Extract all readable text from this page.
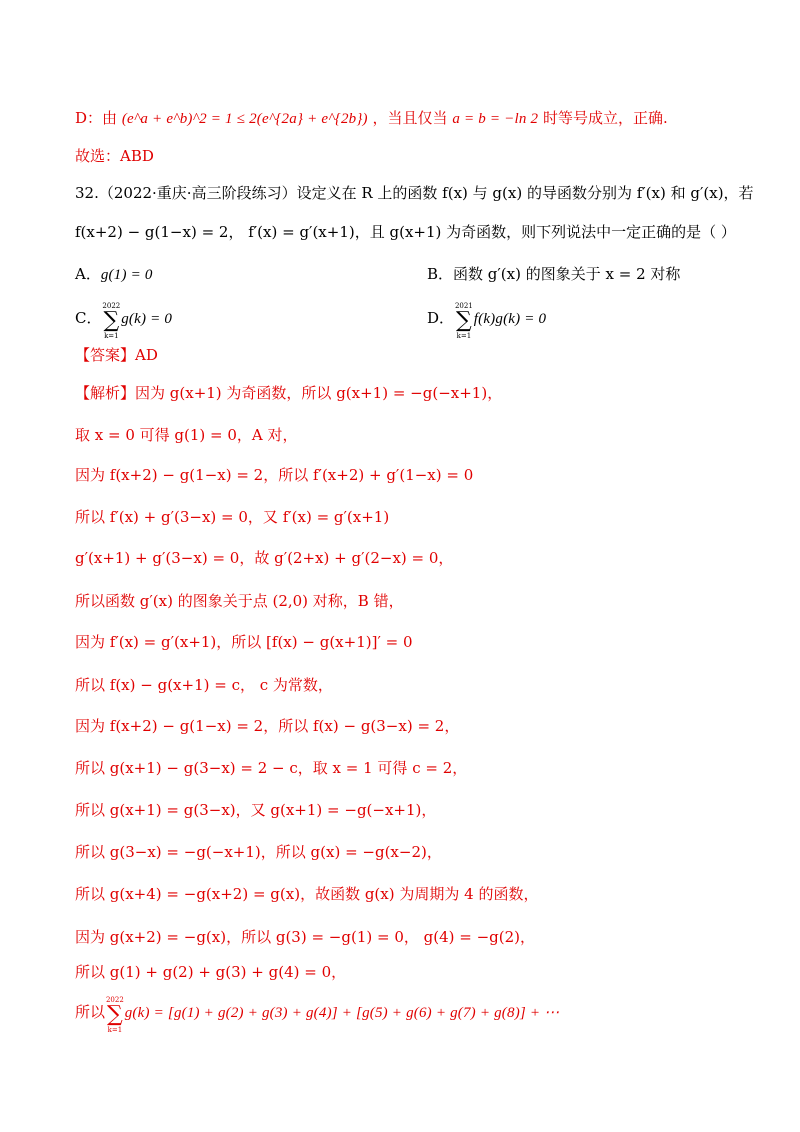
D：由 (e^a + e^b)^2 = 1 ≤ 2(e^{2a} + e^{2b}) ，当且仅当 a = b = −ln 2 时等号成立，正确.
故选：ABD
32.（2022·重庆·高三阶段练习）设定义在 R 上的函数 f(x) 与 g(x) 的导函数分别为 f′(x) 和 g′(x)，若
f(x+2) − g(1−x) = 2， f′(x) = g′(x+1)，且 g(x+1) 为奇函数，则下列说法中一定正确的是（ ）
A．g(1) = 0	B．函数 g′(x) 的图象关于 x = 2 对称
C．∑
2022
k=1
g(k) = 0	D．∑
2021
k=1
f(k)g(k) = 0
【答案】AD
【解析】因为 g(x+1) 为奇函数，所以 g(x+1) = −g(−x+1)，
取 x = 0 可得 g(1) = 0，A 对，
因为 f(x+2) − g(1−x) = 2，所以 f′(x+2) + g′(1−x) = 0
所以 f′(x) + g′(3−x) = 0，又 f′(x) = g′(x+1)
g′(x+1) + g′(3−x) = 0，故 g′(2+x) + g′(2−x) = 0，
所以函数 g′(x) 的图象关于点 (2,0) 对称，B 错，
因为 f′(x) = g′(x+1)，所以 [f(x) − g(x+1)]′ = 0
所以 f(x) − g(x+1) = c， c 为常数，
因为 f(x+2) − g(1−x) = 2，所以 f(x) − g(3−x) = 2，
所以 g(x+1) − g(3−x) = 2 − c，取 x = 1 可得 c = 2，
所以 g(x+1) = g(3−x)，又 g(x+1) = −g(−x+1)，
所以 g(3−x) = −g(−x+1)，所以 g(x) = −g(x−2)，
所以 g(x+4) = −g(x+2) = g(x)，故函数 g(x) 为周期为 4 的函数，
因为 g(x+2) = −g(x)，所以 g(3) = −g(1) = 0， g(4) = −g(2)，
所以 g(1) + g(2) + g(3) + g(4) = 0，
所以∑
2022
k=1
g(k) = [g(1) + g(2) + g(3) + g(4)] + [g(5) + g(6) + g(7) + g(8)] + ⋯
